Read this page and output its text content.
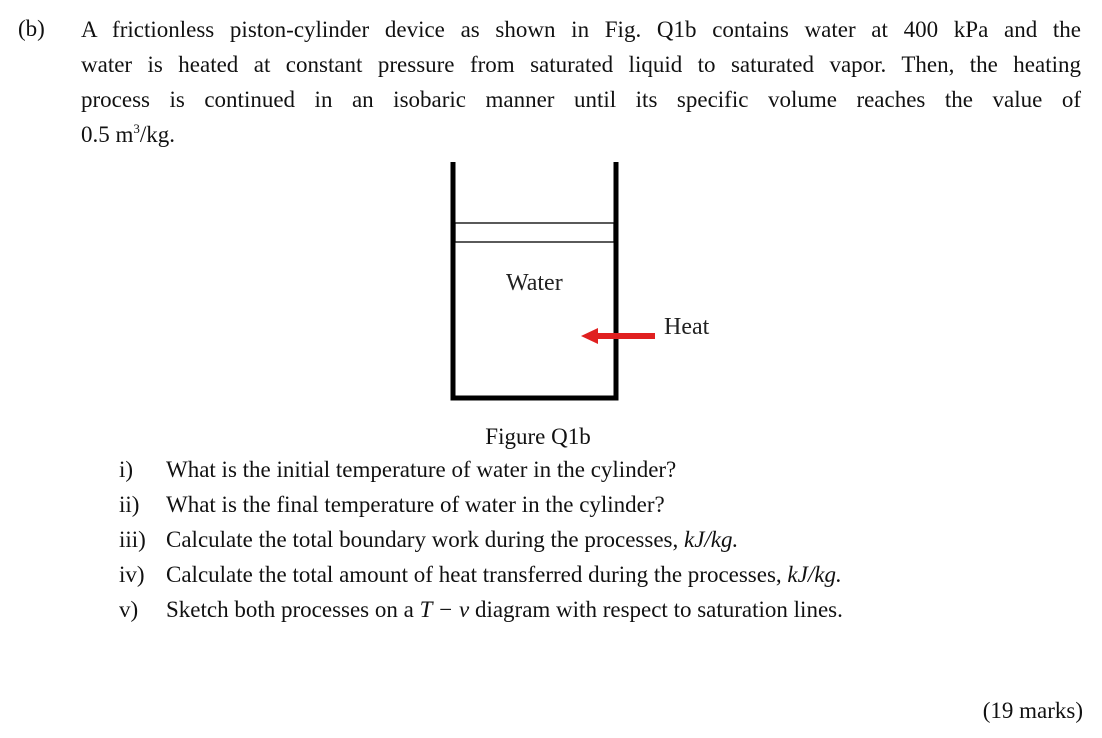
(b) A frictionless piston-cylinder device as shown in Fig. Q1b contains water at 400 kPa and the
water is heated at constant pressure from saturated liquid to saturated vapor. Then, the heating
process is continued in an isobaric manner until its specific volume reaches the value of
0.5 $m^3/kg$.
Water
Heat
Figure Q1b
i) What is the initial temperature of water in the cylinder?
ii) What is the final temperature of water in the cylinder?
iii) Calculate the total boundary work during the processes, kJ/kg.
iv) Calculate the total amount of heat transferred during the processes, kJ/kg.
v) Sketch both processes on a T − v diagram with respect to saturation lines.
(19 marks)
